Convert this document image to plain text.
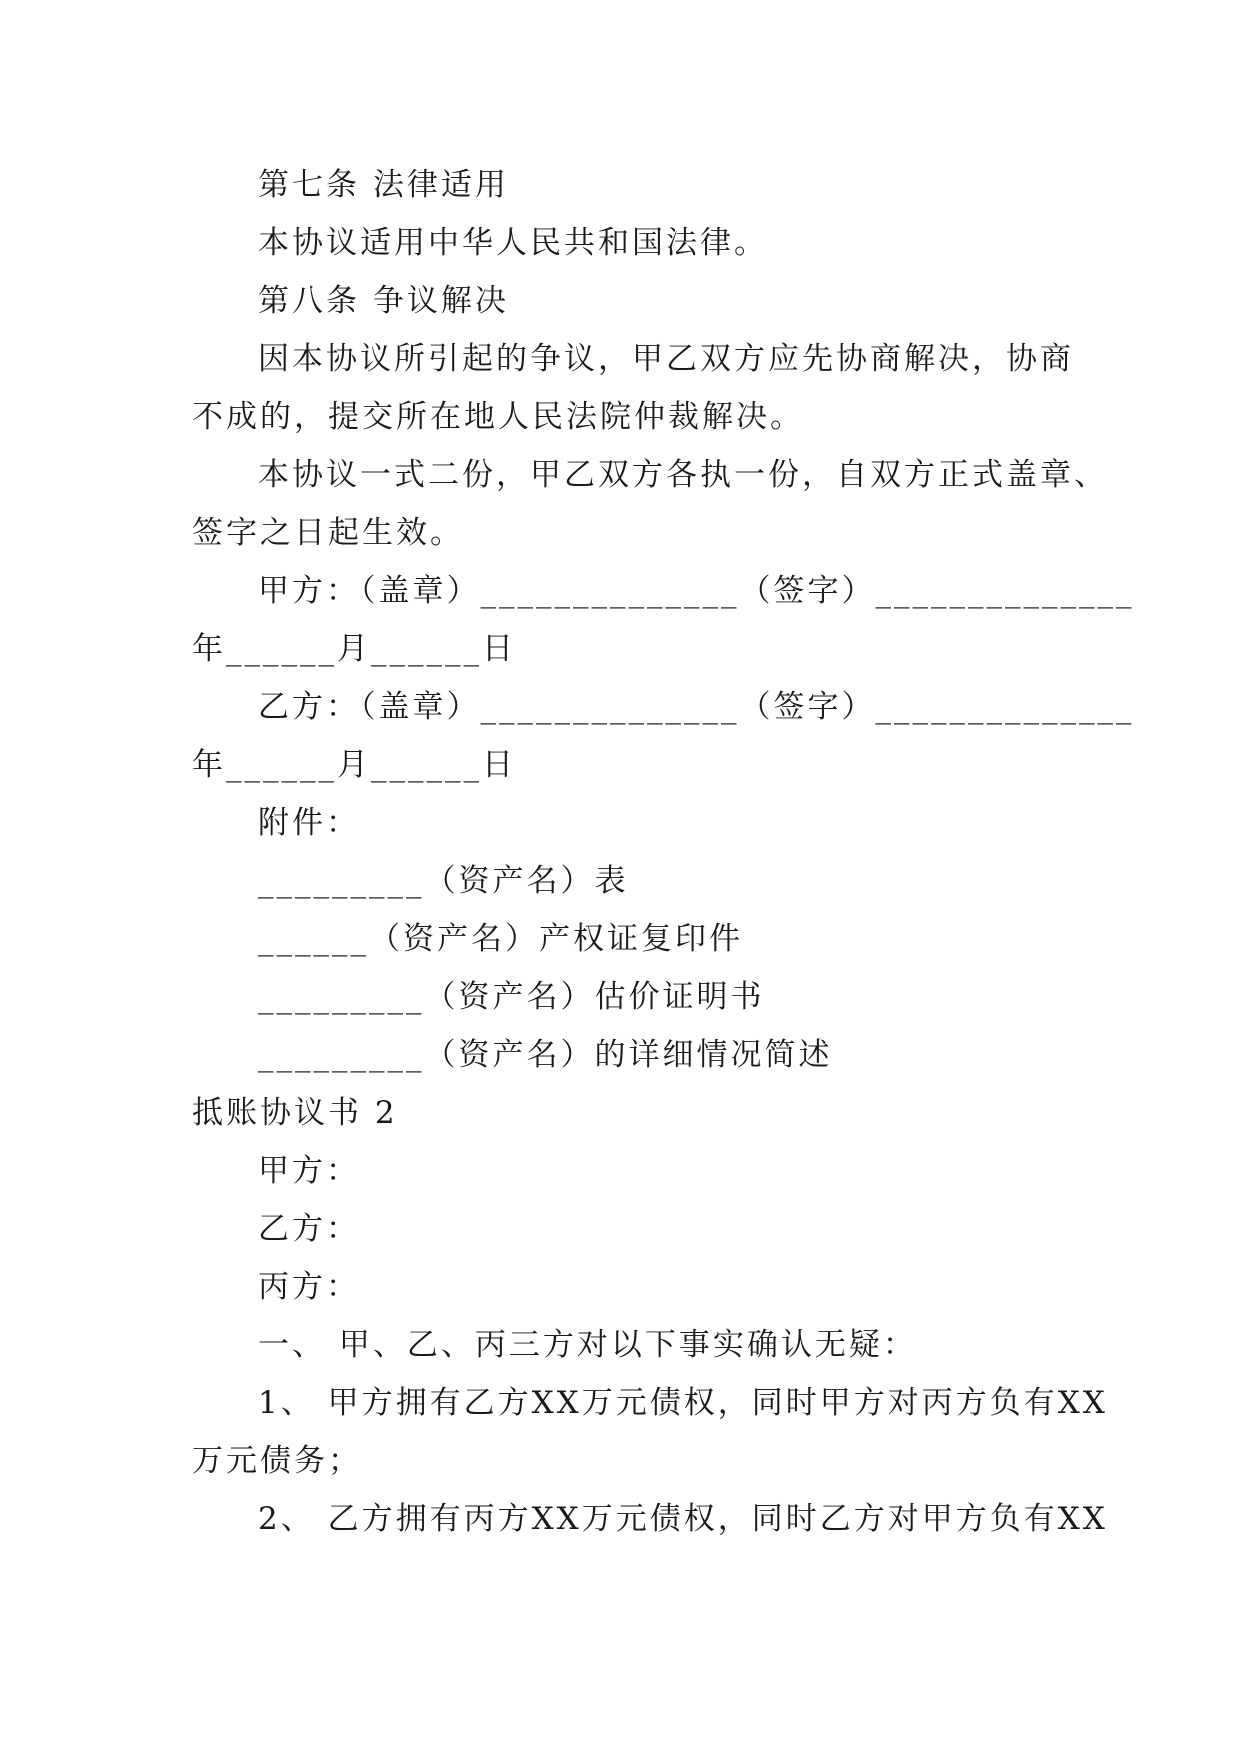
第七条 法律适用
本协议适用中华人民共和国法律。
第八条 争议解决
因本协议所引起的争议，甲乙双方应先协商解决，协商
不成的，提交所在地人民法院仲裁解决。
本协议一式二份，甲乙双方各执一份，自双方正式盖章、
签字之日起生效。
甲方：（盖章）______________（签字）______________
年______月______日
乙方：（盖章）______________（签字）______________
年______月______日
附件：
_________（资产名）表
______（资产名）产权证复印件
_________（资产名）估价证明书
_________（资产名）的详细情况简述
抵账协议书 2
甲方：
乙方：
丙方：
一、 甲、乙、丙三方对以下事实确认无疑：
1、 甲方拥有乙方XX万元债权，同时甲方对丙方负有XX
万元债务；
2、 乙方拥有丙方XX万元债权，同时乙方对甲方负有XX
